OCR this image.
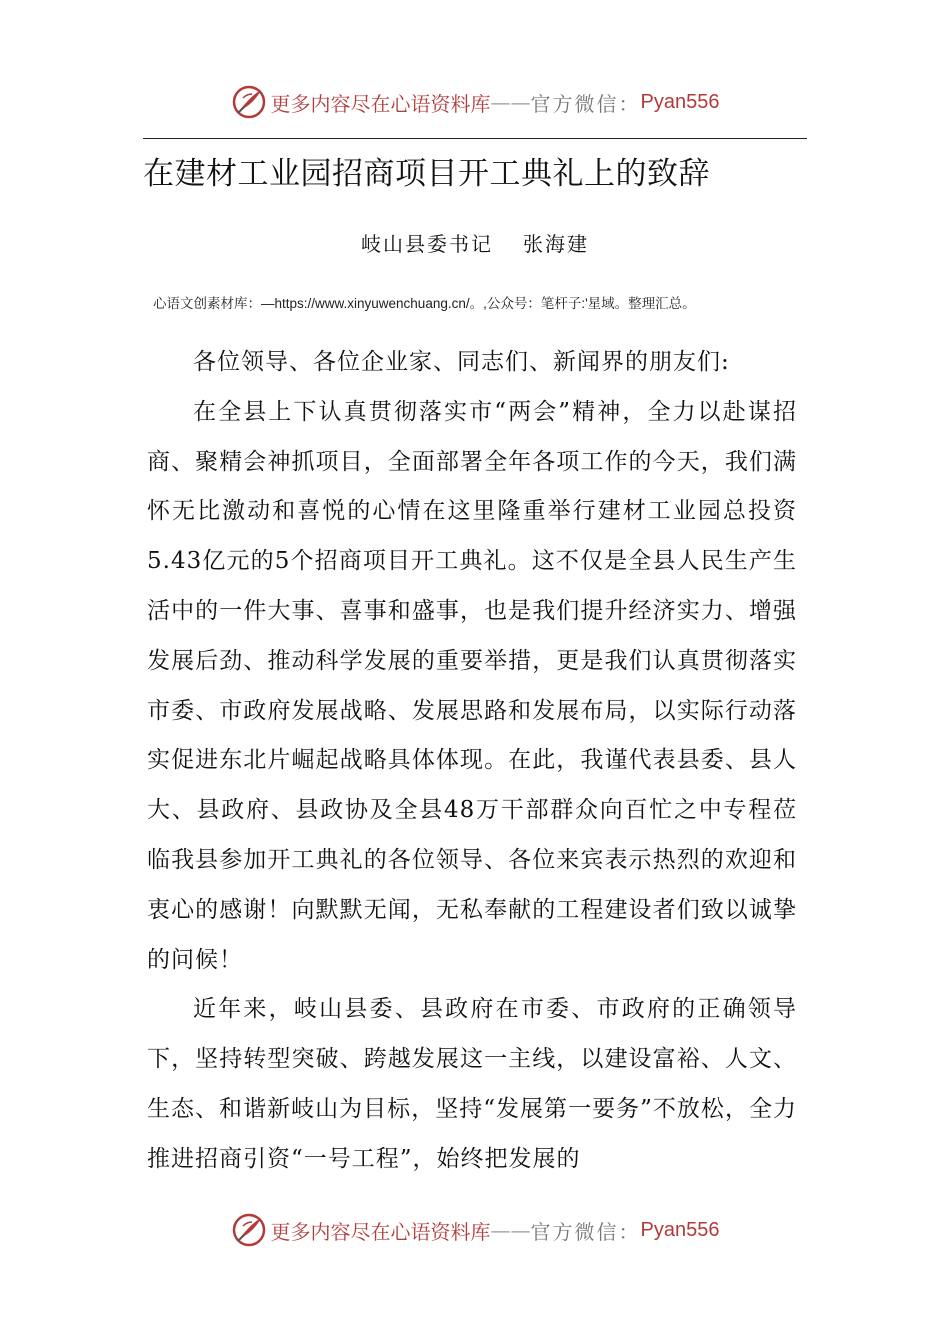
更多内容尽在心语资料库 —— 官方微信： Pyan556
在建材工业园招商项目开工典礼上的致辞
岐山县委书记 张海建
心语文创素材库：—https://www.xinyuwenchuang.cn/。,公众号：笔杆子:'星域。整理汇总。

各位领导、各位企业家、同志们、新闻界的朋友们:

在全县上下认真贯彻落实市“两会”精神，全力以赴谋招商、聚精会神抓项目，全面部署全年各项工作的今天，我们满怀无比激动和喜悦的心情在这里隆重举行建材工业园总投资5.43亿元的5个招商项目开工典礼。这不仅是全县人民生产生活中的一件大事、喜事和盛事，也是我们提升经济实力、增强发展后劲、推动科学发展的重要举措，更是我们认真贯彻落实市委、市政府发展战略、发展思路和发展布局，以实际行动落实促进东北片崛起战略具体体现。在此，我谨代表县委、县人大、县政府、县政协及全县48万干部群众向百忙之中专程莅临我县参加开工典礼的各位领导、各位来宾表示热烈的欢迎和衷心的感谢！向默默无闻，无私奉献的工程建设者们致以诚挚的问候！

近年来，岐山县委、县政府在市委、市政府的正确领导下，坚持转型突破、跨越发展这一主线，以建设富裕、人文、生态、和谐新岐山为目标，坚持“发展第一要务”不放松，全力推进招商引资“一号工程”，始终把发展的

更多内容尽在心语资料库 —— 官方微信： Pyan556
